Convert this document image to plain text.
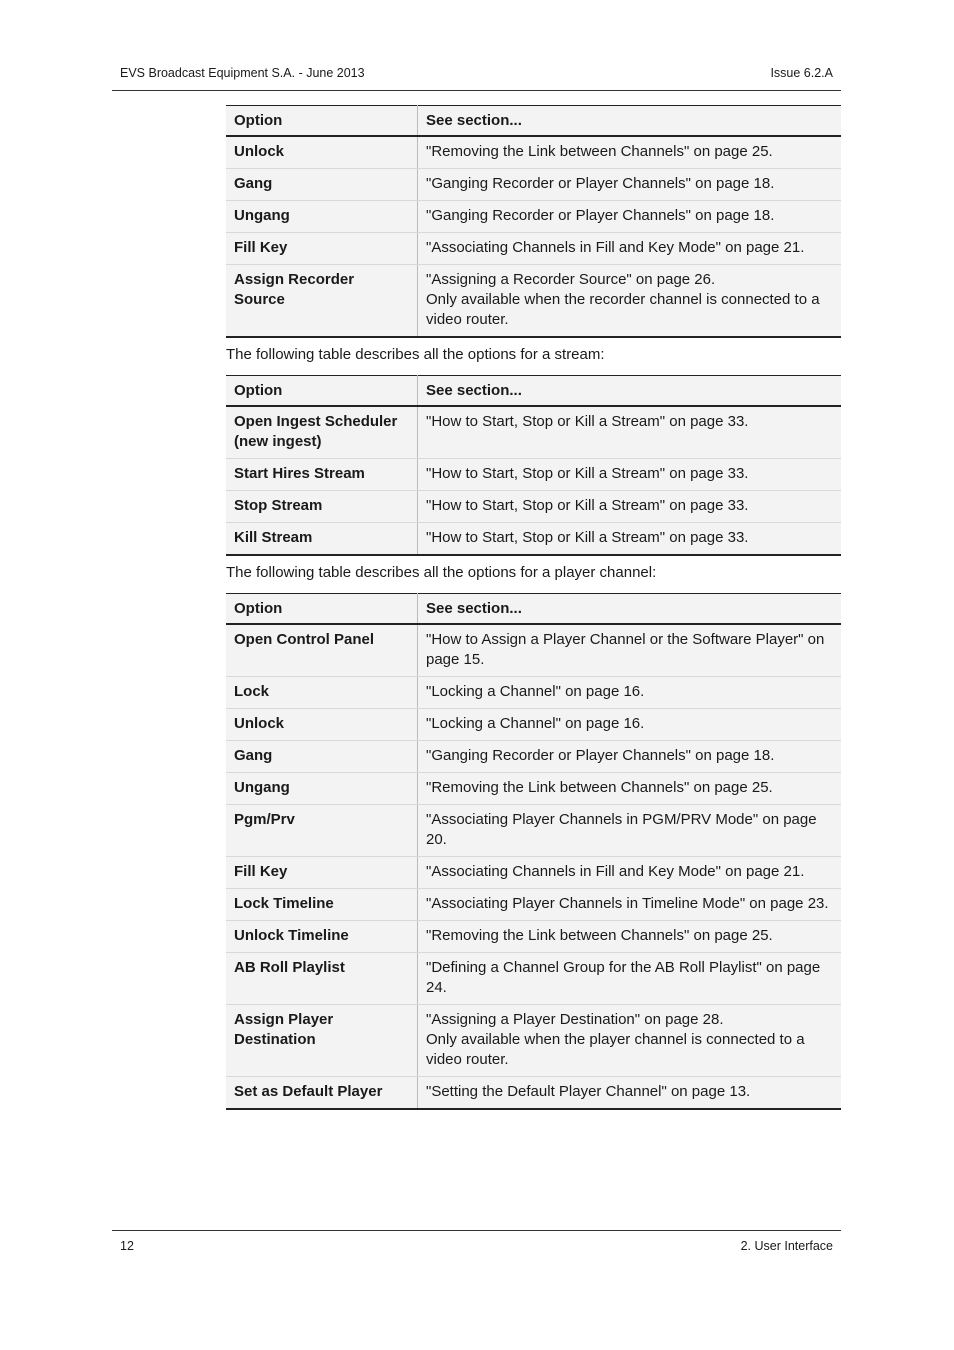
EVS Broadcast Equipment S.A. - June 2013	Issue 6.2.A
Option	See section...
Unlock	"Removing the Link between Channels" on page 25.
Gang	"Ganging Recorder or Player Channels" on page 18.
Ungang	"Ganging Recorder or Player Channels" on page 18.
Fill Key	"Associating Channels in Fill and Key Mode" on page 21.
Assign Recorder Source	"Assigning a Recorder Source" on page 26.
Only available when the recorder channel is connected to a video router.
The following table describes all the options for a stream:
Option	See section...
Open Ingest Scheduler (new ingest)	"How to Start, Stop or Kill a Stream" on page 33.
Start Hires Stream	"How to Start, Stop or Kill a Stream" on page 33.
Stop Stream	"How to Start, Stop or Kill a Stream" on page 33.
Kill Stream	"How to Start, Stop or Kill a Stream" on page 33.
The following table describes all the options for a player channel:
Option	See section...
Open Control Panel	"How to Assign a Player Channel or the Software Player" on page 15.
Lock	"Locking a Channel" on page 16.
Unlock	"Locking a Channel" on page 16.
Gang	"Ganging Recorder or Player Channels" on page 18.
Ungang	"Removing the Link between Channels" on page 25.
Pgm/Prv	"Associating Player Channels in PGM/PRV Mode" on page 20.
Fill Key	"Associating Channels in Fill and Key Mode" on page 21.
Lock Timeline	"Associating Player Channels in Timeline Mode" on page 23.
Unlock Timeline	"Removing the Link between Channels" on page 25.
AB Roll Playlist	"Defining a Channel Group for the AB Roll Playlist" on page 24.
Assign Player Destination	"Assigning a Player Destination" on page 28.
Only available when the player channel is connected to a video router.
Set as Default Player	"Setting the Default Player Channel" on page 13.
12	2. User Interface
